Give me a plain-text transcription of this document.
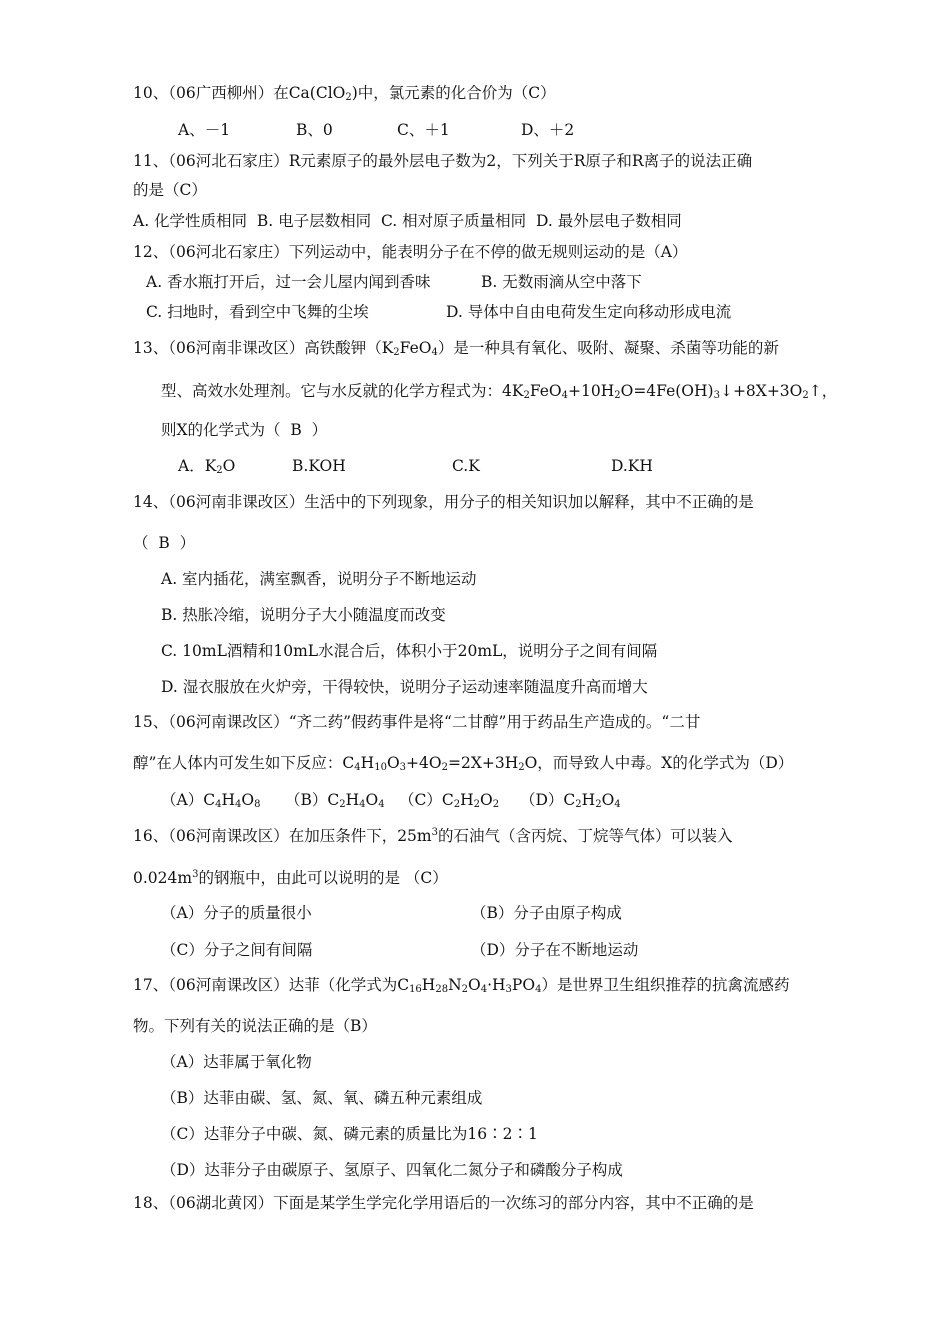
10、（06广西柳州）在Ca(ClO$_2$)中，氯元素的化合价为（C）
A、－1	B、0	C、＋1	D、＋2
11、（06河北石家庄）R元素原子的最外层电子数为2，下列关于R原子和R离子的说法正确
的是（C）
A. 化学性质相同  B. 电子层数相同  C. 相对原子质量相同  D. 最外层电子数相同
12、（06河北石家庄）下列运动中，能表明分子在不停的做无规则运动的是（A）
A. 香水瓶打开后，过一会儿屋内闻到香味	B. 无数雨滴从空中落下
C. 扫地时，看到空中飞舞的尘埃	D. 导体中自由电荷发生定向移动形成电流
13、（06河南非课改区）高铁酸钾$(K_2FeO_4)$是一种具有氧化、吸附、凝聚、杀菌等功能的新
型、高效水处理剂。它与水反就的化学方程式为：$4K_2FeO_4+10H_2O=4Fe(OH)_3↓+8X+3O_2↑$，
则X的化学式为（  B  ）
A．$K_2O$	B.KOH	C.K	D.KH
14、（06河南非课改区）生活中的下列现象，用分子的相关知识加以解释，其中不正确的是
（  B  ）
A. 室内插花，满室飘香，说明分子不断地运动
B. 热胀冷缩，说明分子大小随温度而改变
C. 10mL酒精和10mL水混合后，体积小于20mL，说明分子之间有间隔
D. 湿衣服放在火炉旁，干得较快，说明分子运动速率随温度升高而增大
15、（06河南课改区）“齐二药”假药事件是将“二甘醇”用于药品生产造成的。“二甘
醇”在人体内可发生如下反应：$C_4H_{10}O_3+4O_2=2X+3H_2O$，而导致人中毒。X的化学式为（D）
$(A)C_4H_4O_8$ $(B)C_2H_4O_4$ $(C)C_2H_2O_2$ $(D)C_2H_2O_4$
16、（06河南课改区）在加压条件下，$25m^3$的石油气（含丙烷、丁烷等气体）可以装入
$0.024m^3$的钢瓶中，由此可以说明的是 （C）
（A）分子的质量很小	（B）分子由原子构成
（C）分子之间有间隔	（D）分子在不断地运动
17、（06河南课改区）达菲（化学式为$C_{16}H_{28}N_2O_4\cdot H_3PO_4$）是世界卫生组织推荐的抗禽流感药
物。下列有关的说法正确的是（B）
（A）达菲属于氧化物
（B）达菲由碳、氢、氮、氧、磷五种元素组成
（C）达菲分子中碳、氮、磷元素的质量比为16∶2∶1
（D）达菲分子由碳原子、氢原子、四氧化二氮分子和磷酸分子构成
18、（06湖北黄冈）下面是某学生学完化学用语后的一次练习的部分内容，其中不正确的是
